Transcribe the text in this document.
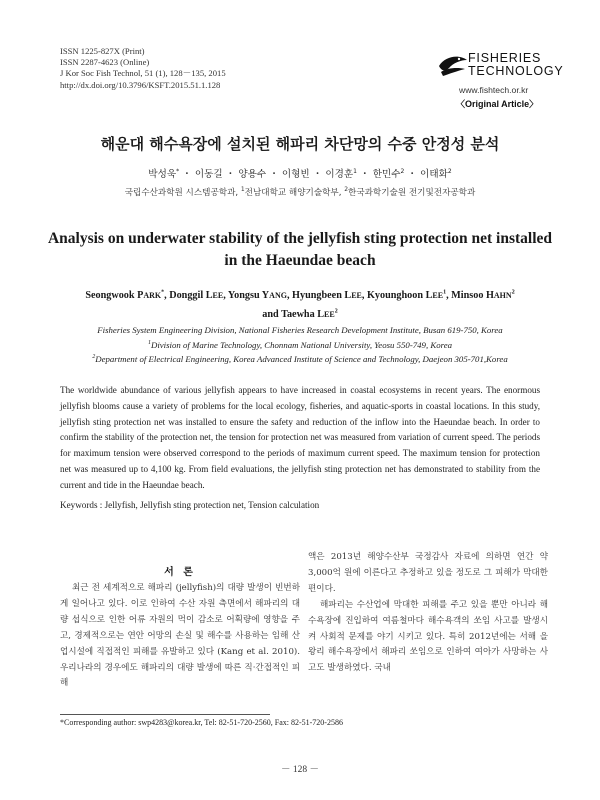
ISSN 1225-827X (Print)
ISSN 2287-4623 (Online)
J Kor Soc Fish Technol, 51 (1), 128－135, 2015
http://dx.doi.org/10.3796/KSFT.2015.51.1.128
FISHERIES
TECHNOLOGY
www.fishtech.or.kr
〈Original Article〉
해운대 해수욕장에 설치된 해파리 차단망의 수중 안정성 분석
박성욱* ・ 이동길 ・ 양용수 ・ 이형빈 ・ 이경훈$^1$ ・ 한민수$^2$ ・ 이태화$^2$
국립수산과학원 시스템공학과, $^1$전남대학교 해양기술학부, $^2$한국과학기술원 전기및전자공학과
Analysis on underwater stability of the jellyfish sting protection net installed in the Haeundae beach
Seongwook PARK*, Donggil LEE, Yongsu YANG, Hyungbeen LEE, Kyounghoon LEE$^1$, Minsoo HAHN$^2$
and Taewha LEE$^2$
Fisheries System Engineering Division, National Fisheries Research Development Institute, Busan 619-750, Korea
$^1$Division of Marine Technology, Chonnam National University, Yeosu 550-749, Korea
$^2$Department of Electrical Engineering, Korea Advanced Institute of Science and Technology, Daejeon 305-701,Korea

The worldwide abundance of various jellyfish appears to have increased in coastal ecosystems in recent years. The enormous jellyfish blooms cause a variety of problems for the local ecology, fisheries, and aquatic-sports in coastal locations. In this study, jellyfish sting protection net was installed to ensure the safety and reduction of the inflow into the Haeundae beach. In order to confirm the stability of the protection net, the tension for protection net was measured from variation of current speed. The periods for maximum tension were observed correspond to the periods of maximum current speed. The maximum tension for protection net was measured up to 4,100 kg. From field evaluations, the jellyfish sting protection net has demonstrated to stability from the current and tide in the Haeundae beach.

Keywords : Jellyfish, Jellyfish sting protection net, Tension calculation
서 론

최근 전 세계적으로 해파리 (jellyfish)의 대량 발생이 빈번하게 일어나고 있다. 이로 인하여 수산 자원 측면에서 해파리의 대량 섭식으로 인한 어류 자원의 먹이 감소로 어획량에 영향을 주고, 경제적으로는 연안 어망의 손실 및 해수를 사용하는 임해 산업시설에 직접적인 피해를 유발하고 있다 (Kang et al. 2010). 우리나라의 경우에도 해파리의 대량 발생에 따른 직·간접적인 피해

액은 2013년 해양수산부 국정감사 자료에 의하면 연간 약 3,000억 원에 이른다고 추정하고 있을 정도로 그 피해가 막대한 편이다.

해파리는 수산업에 막대한 피해를 주고 있을 뿐만 아니라 해수욕장에 진입하여 여름철마다 해수욕객의 쏘임 사고를 발생시켜 사회적 문제를 야기 시키고 있다. 특히 2012년에는 서해 을왕리 해수욕장에서 해파리 쏘임으로 인하여 여아가 사망하는 사고도 발생하였다. 국내

*Corresponding author: swp4283@korea.kr, Tel: 82-51-720-2560, Fax: 82-51-720-2586
－ 128 －
